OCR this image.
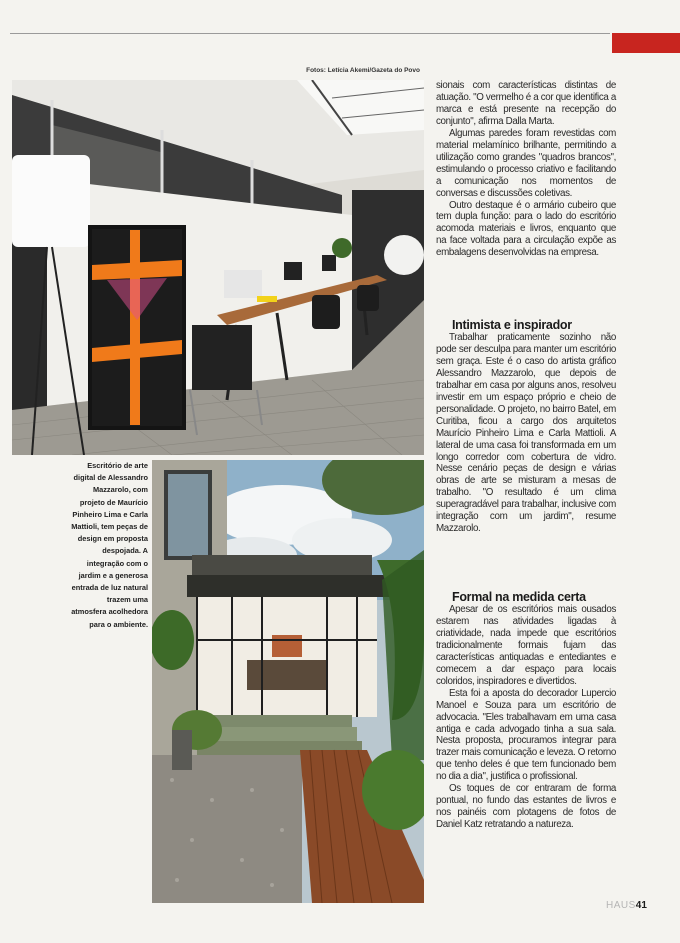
Fotos: Letícia Akemi/Gazeta do Povo
Escritório de arte digital de Alessandro Mazzarolo, com projeto de Maurício Pinheiro Lima e Carla Mattioli, tem peças de design em proposta despojada. A integração com o jardim e a generosa entrada de luz natural trazem uma atmosfera acolhedora para o ambiente.

sionais com características distintas de atuação. "O vermelho é a cor que identifica a marca e está presente na recepção do conjunto", afirma Dalla Marta.

Algumas paredes foram revestidas com material melamínico brilhante, permitindo a utilização como grandes "quadros brancos", estimulando o processo criativo e facilitando a comunicação nos momentos de conversas e discussões coletivas.

Outro destaque é o armário cubeiro que tem dupla função: para o lado do escritório acomoda materiais e livros, enquanto que na face voltada para a circulação expõe as embalagens desenvolvidas na empresa.

Intimista e inspirador

Trabalhar praticamente sozinho não pode ser desculpa para manter um escritório sem graça. Este é o caso do artista gráfico Alessandro Mazzarolo, que depois de trabalhar em casa por alguns anos, resolveu investir em um espaço próprio e cheio de personalidade. O projeto, no bairro Batel, em Curitiba, ficou a cargo dos arquitetos Maurício Pinheiro Lima e Carla Mattioli. A lateral de uma casa foi transformada em um longo corredor com cobertura de vidro. Nesse cenário peças de design e várias obras de arte se misturam a mesas de trabalho. "O resultado é um clima superagradável para trabalhar, inclusive com integração com um jardim", resume Mazzarolo.

Formal na medida certa

Apesar de os escritórios mais ousados estarem nas atividades ligadas à criatividade, nada impede que escritórios tradicionalmente formais fujam das características antiquadas e entediantes e comecem a dar espaço para locais coloridos, inspiradores e divertidos.

Esta foi a aposta do decorador Lupercio Manoel e Souza para um escritório de advocacia. "Eles trabalhavam em uma casa antiga e cada advogado tinha a sua sala. Nesta proposta, procuramos integrar para trazer mais comunicação e leveza. O retorno que tenho deles é que tem funcionado bem no dia a dia", justifica o profissional.

Os toques de cor entraram de forma pontual, no fundo das estantes de livros e nos painéis com plotagens de fotos de Daniel Katz retratando a natureza.

HAUS41
